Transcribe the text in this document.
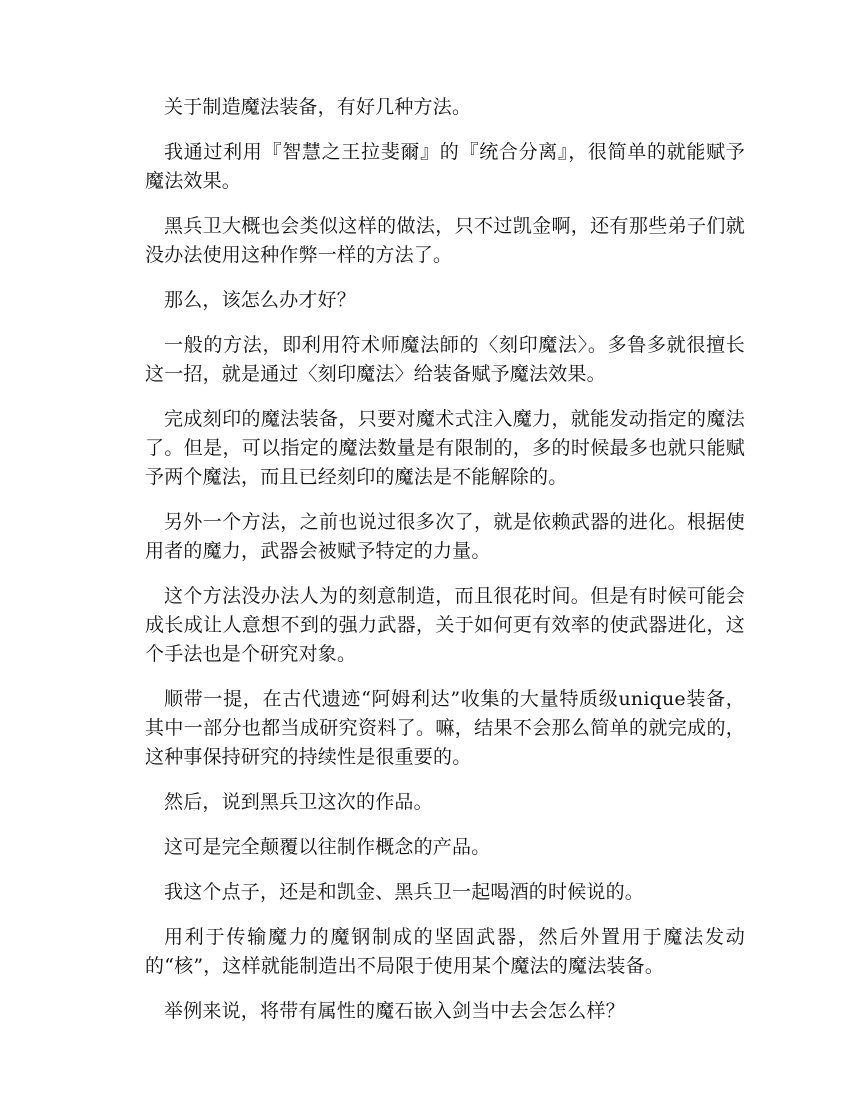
关于制造魔法装备，有好几种方法。

我通过利用『智慧之王拉斐爾』的『统合分离』，很简单的就能赋予魔法效果。

黑兵卫大概也会类似这样的做法，只不过凯金啊，还有那些弟子们就没办法使用这种作弊一样的方法了。

那么，该怎么办才好？

一般的方法，即利用符术师魔法師的〈刻印魔法〉。多鲁多就很擅长这一招，就是通过〈刻印魔法〉给装备赋予魔法效果。

完成刻印的魔法装备，只要对魔术式注入魔力，就能发动指定的魔法了。但是，可以指定的魔法数量是有限制的，多的时候最多也就只能赋予两个魔法，而且已经刻印的魔法是不能解除的。

另外一个方法，之前也说过很多次了，就是依赖武器的进化。根据使用者的魔力，武器会被赋予特定的力量。

这个方法没办法人为的刻意制造，而且很花时间。但是有时候可能会成长成让人意想不到的强力武器，关于如何更有效率的使武器进化，这个手法也是个研究对象。

顺带一提，在古代遗迹“阿姆利达”收集的大量特质级unique装备，其中一部分也都当成研究资料了。嘛，结果不会那么简单的就完成的，这种事保持研究的持续性是很重要的。

然后，说到黑兵卫这次的作品。

这可是完全颠覆以往制作概念的产品。

我这个点子，还是和凯金、黑兵卫一起喝酒的时候说的。

用利于传输魔力的魔钢制成的坚固武器，然后外置用于魔法发动的“核”，这样就能制造出不局限于使用某个魔法的魔法装备。

举例来说，将带有属性的魔石嵌入剑当中去会怎么样？
